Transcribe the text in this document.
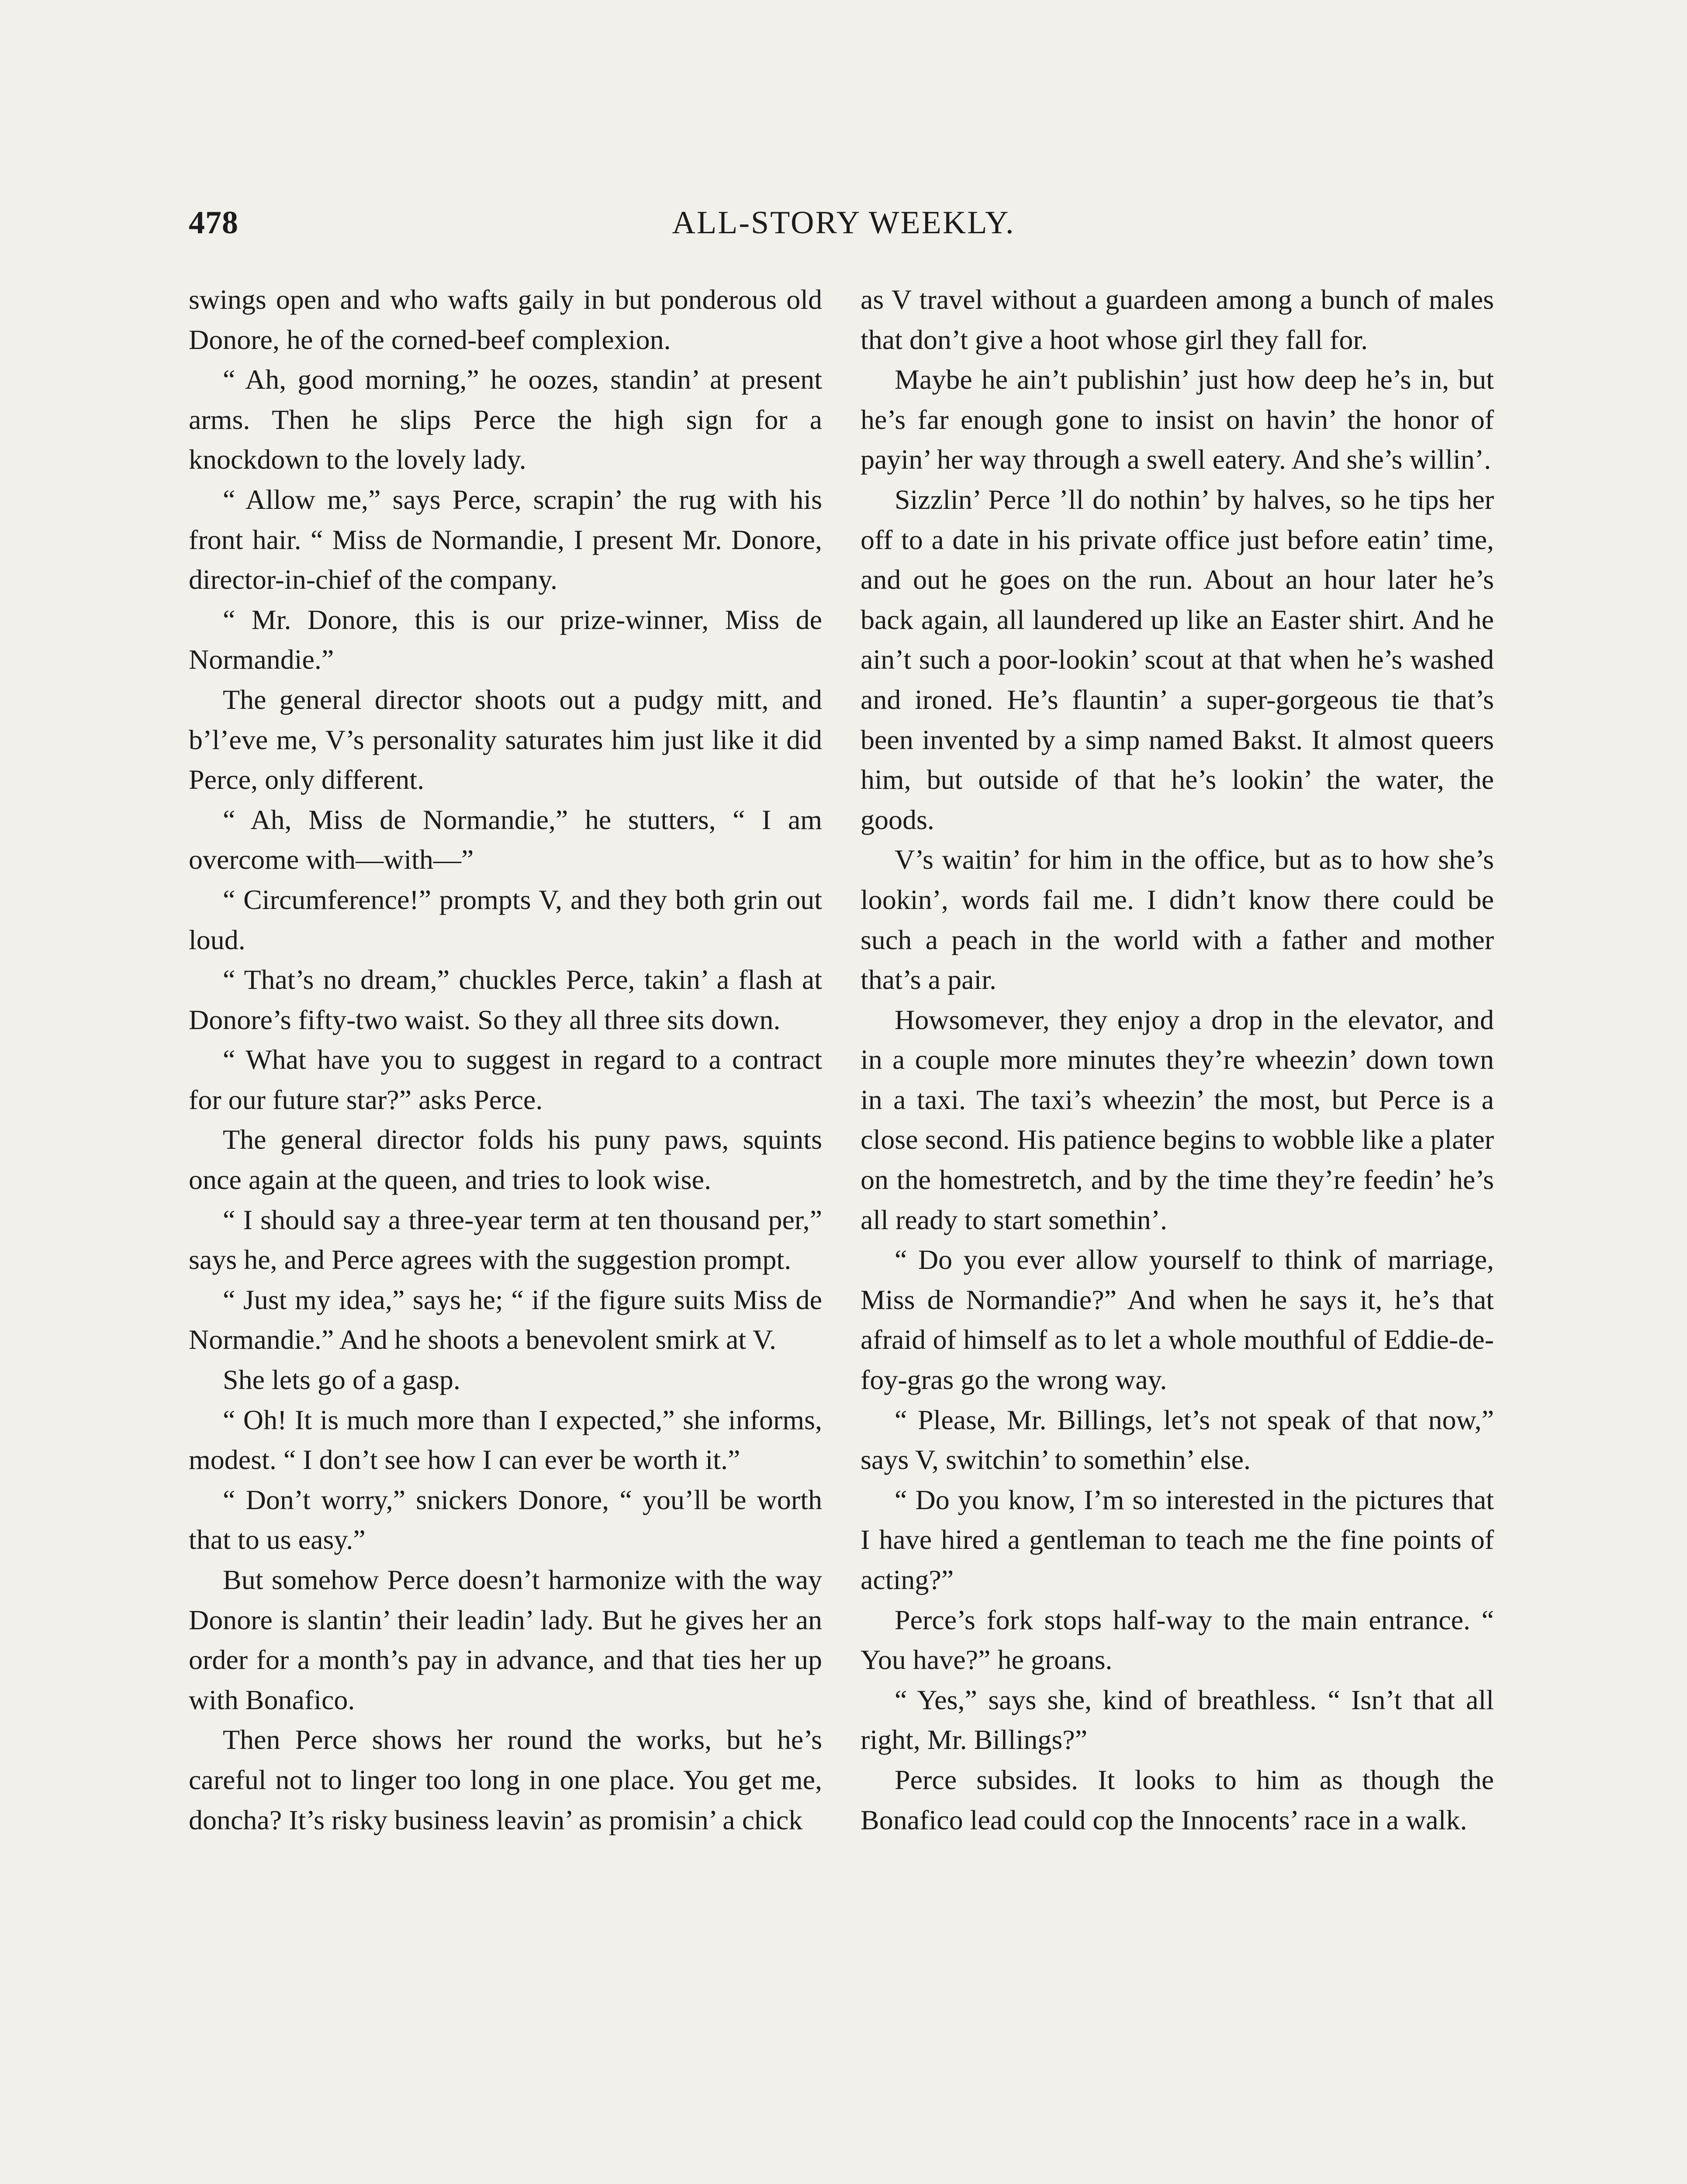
478	ALL-STORY WEEKLY.

swings open and who wafts gaily in but ponderous old Donore, he of the corned-beef complexion.

“ Ah, good morning,” he oozes, standin’ at present arms. Then he slips Perce the high sign for a knockdown to the lovely lady.

“ Allow me,” says Perce, scrapin’ the rug with his front hair. “ Miss de Normandie, I present Mr. Donore, director-in-chief of the company.

“ Mr. Donore, this is our prize-winner, Miss de Normandie.”

The general director shoots out a pudgy mitt, and b’l’eve me, V’s personality saturates him just like it did Perce, only different.

“ Ah, Miss de Normandie,” he stutters, “ I am overcome with—with—”

“ Circumference!” prompts V, and they both grin out loud.

“ That’s no dream,” chuckles Perce, takin’ a flash at Donore’s fifty-two waist. So they all three sits down.

“ What have you to suggest in regard to a contract for our future star?” asks Perce.

The general director folds his puny paws, squints once again at the queen, and tries to look wise.

“ I should say a three-year term at ten thousand per,” says he, and Perce agrees with the suggestion prompt.

“ Just my idea,” says he; “ if the figure suits Miss de Normandie.” And he shoots a benevolent smirk at V.

She lets go of a gasp.

“ Oh! It is much more than I expected,” she informs, modest. “ I don’t see how I can ever be worth it.”

“ Don’t worry,” snickers Donore, “ you’ll be worth that to us easy.”

But somehow Perce doesn’t harmonize with the way Donore is slantin’ their leadin’ lady. But he gives her an order for a month’s pay in advance, and that ties her up with Bonafico.

Then Perce shows her round the works, but he’s careful not to linger too long in one place. You get me, doncha? It’s risky business leavin’ as promisin’ a chick

as V travel without a guardeen among a bunch of males that don’t give a hoot whose girl they fall for.

Maybe he ain’t publishin’ just how deep he’s in, but he’s far enough gone to insist on havin’ the honor of payin’ her way through a swell eatery. And she’s willin’.

Sizzlin’ Perce ’ll do nothin’ by halves, so he tips her off to a date in his private office just before eatin’ time, and out he goes on the run. About an hour later he’s back again, all laundered up like an Easter shirt. And he ain’t such a poor-lookin’ scout at that when he’s washed and ironed. He’s flauntin’ a super-gorgeous tie that’s been invented by a simp named Bakst. It almost queers him, but outside of that he’s lookin’ the water, the goods.

V’s waitin’ for him in the office, but as to how she’s lookin’, words fail me. I didn’t know there could be such a peach in the world with a father and mother that’s a pair.

Howsomever, they enjoy a drop in the elevator, and in a couple more minutes they’re wheezin’ down town in a taxi. The taxi’s wheezin’ the most, but Perce is a close second. His patience begins to wobble like a plater on the homestretch, and by the time they’re feedin’ he’s all ready to start somethin’.

“ Do you ever allow yourself to think of marriage, Miss de Normandie?” And when he says it, he’s that afraid of himself as to let a whole mouthful of Eddie-de-foy-gras go the wrong way.

“ Please, Mr. Billings, let’s not speak of that now,” says V, switchin’ to somethin’ else.

“ Do you know, I’m so interested in the pictures that I have hired a gentleman to teach me the fine points of acting?”

Perce’s fork stops half-way to the main entrance. “ You have?” he groans.

“ Yes,” says she, kind of breathless. “ Isn’t that all right, Mr. Billings?”

Perce subsides. It looks to him as though the Bonafico lead could cop the Innocents’ race in a walk.
